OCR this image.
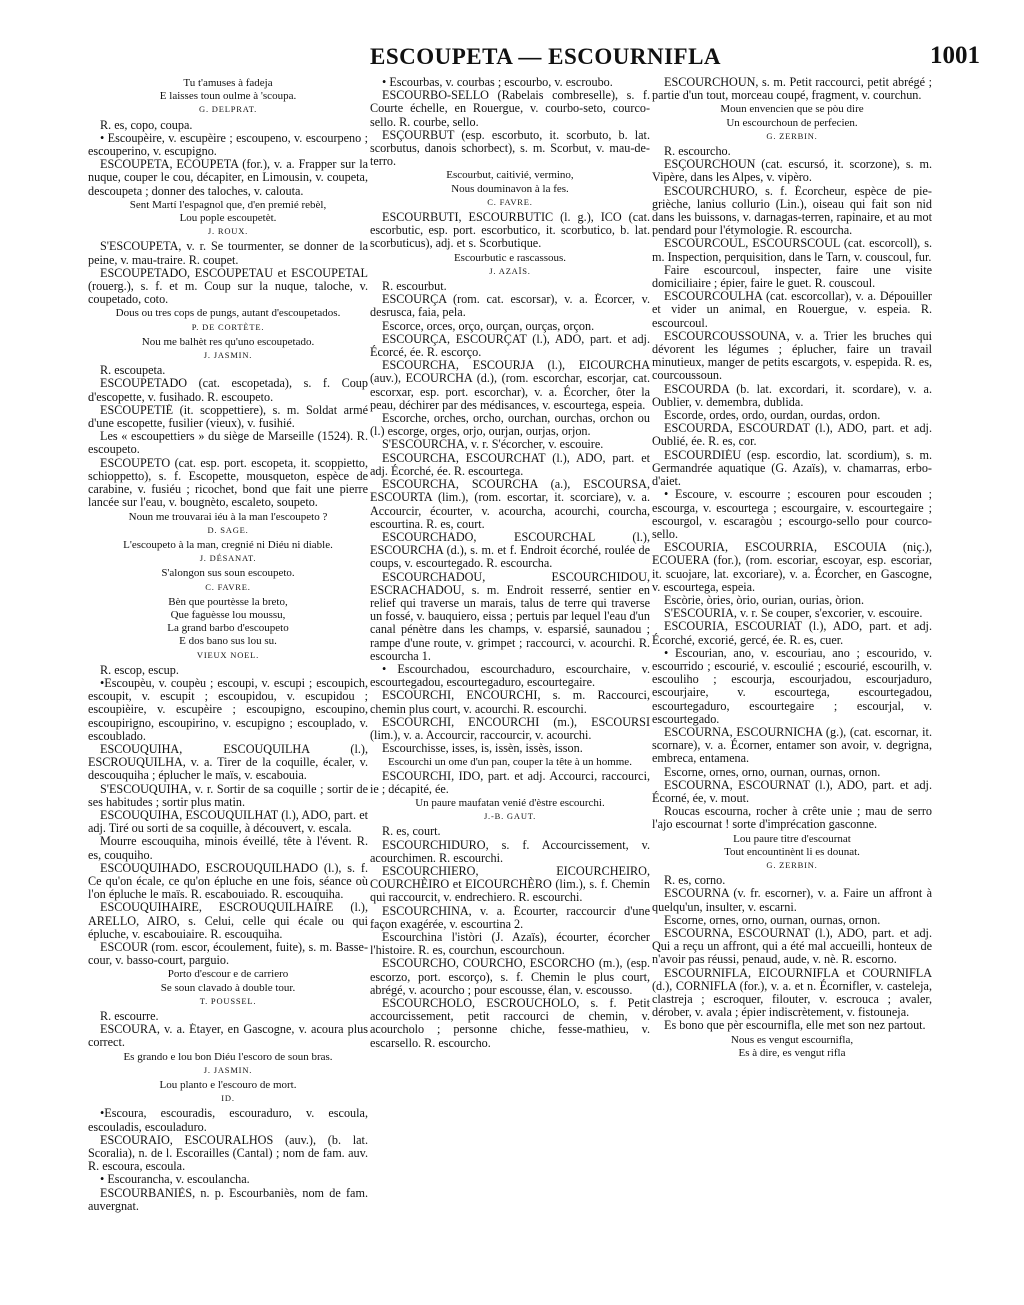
ESCOUPETA — ESCOURNIFLA	1001
Tu t'amuses à fadeja
E laisses toun oulme à 'scoupa.
G. DELPRAT.

R. es, copo, coupa.

• Escoupèire, v. escupèire ; escoupeno, v. escourpeno ; escouperino, v. escupigno.

ESCOUPETA, ECOUPETA (for.), v. a. Frapper sur la nuque, couper le cou, décapiter, en Limousin, v. coupeta, descoupeta ; donner des taloches, v. calouta.

Sent Martí l'espagnol que, d'en premié rebèl,
Lou pople escoupetèt.
J. ROUX.

S'ESCOUPETA, v. r. Se tourmenter, se donner de la peine, v. mau-traire. R. coupet.

ESCOUPETADO, ESCOUPETAU et ESCOUPETAL (rouerg.), s. f. et m. Coup sur la nuque, taloche, v. coupetado, coto.

Dous ou tres cops de pungs, autant d'escoupetados.
P. DE CORTÈTE.
Nou me balhèt res qu'uno escoupetado.
J. JASMIN.

R. escoupeta.

ESCOUPETADO (cat. escopetada), s. f. Coup d'escopette, v. fusihado. R. escoupeto.

ESCOUPETIÉ (it. scoppettiere), s. m. Soldat armé d'une escopette, fusilier (vieux), v. fusihié.

Les « escoupettiers » du siège de Marseille (1524). R. escoupeto.

ESCOUPETO (cat. esp. port. escopeta, it. scoppietto, schioppetto), s. f. Escopette, mousqueton, espèce de carabine, v. fusiéu ; ricochet, bond que fait une pierre lancée sur l'eau, v. bougnèto, escaleto, soupeto.

Noun me trouvarai iéu à la man l'escoupeto ?
D. SAGE.
L'escoupeto à la man, cregnié ni Diéu ni diable.
J. DÉSANAT.
S'alongon sus soun escoupeto.
C. FAVRE.
Bèn que pourtèsse la breto,
Que faguèsse lou moussu,
La grand barbo d'escoupeto
E dos bano sus lou su.
VIEUX NOEL.

R. escop, escup.

•Escoupèu, v. coupèu ; escoupi, v. escupi ; escoupich, escoupit, v. escupit ; escoupidou, v. escupidou ; escoupièire, v. escupèire ; escoupigno, escoupino, escoupirigno, escoupirino, v. escupigno ; escouplado, v. escoubladо.

ESCOUQUIHA, ESCOUQUILHA (l.), ESCROUQUILHA, v. a. Tirer de la coquille, écaler, v. descouquiha ; éplucher le maïs, v. escabouia.

S'ESCOUQUIHA, v. r. Sortir de sa coquille ; sortir de ses habitudes ; sortir plus matin.

ESCOUQUIHA, ESCOUQUILHAT (l.), ADO, part. et adj. Tiré ou sorti de sa coquille, à découvert, v. escala.

Mourre escouquiha, minois éveillé, tête à l'évent. R. es, couquiho.

ESCOUQUIHADO, ESCROUQUILHADO (l.), s. f. Ce qu'on écale, ce qu'on épluche en une fois, séance où l'on épluche le maïs. R. escabouiado. R. escouquiha.

ESCOUQUIHAIRE, ESCROUQUILHAIRE (l.), ARELLO, AIRO, s. Celui, celle qui écale ou qui épluche, v. escabouiaire. R. escouquiha.

ESCOUR (rom. escor, écoulement, fuite), s. m. Basse-cour, v. basso-court, parguio.

Porto d'escour e de carriero
Se soun clavado à double tour.
T. POUSSEL.

R. escourre.

ESCOURA, v. a. Étayer, en Gascogne, v. acoura plus correct.

Es grando e lou bon Diéu l'escoro de soun bras.
J. JASMIN.
Lou planto e l'escouro de mort.
ID.

•Escoura, escouradis, escouraduro, v. escoula, escouladis, escouladuro.

ESCOURAIO, ESCOURALHOS (auv.), (b. lat. Scoralia), n. de l. Escorailles (Cantal) ; nom de fam. auv. R. escoura, escoula.

• Escourancha, v. escoulancha.

ESCOURBANIÈS, n. p. Escourbaniès, nom de fam. auvergnat.

• Escourbas, v. courbas ; escourbo, v. escroubo.

ESCOURBO-SELLO (Rabelais combreselle), s. f. Courte échelle, en Rouergue, v. courbo-seto, courco-sello. R. courbe, sello.

ESÇOURBUT (esp. escorbuto, it. scorbuto, b. lat. scorbutus, danois schorbect), s. m. Scorbut, v. mau-de-terro.

Escourbut, caitivié, vermino,
Nous douminavon à la fes.
C. FAVRE.

ESCOURBUTI, ESCOURBUTIC (l. g.), ICO (cat. escorbutic, esp. port. escorbutico, it. scorbutico, b. lat. scorbuticus), adj. et s. Scorbutique.

Escourbutic e rascassous.
J. AZAÏS.

R. escourbut.

ESCOURÇA (rom. cat. escorsar), v. a. Écorcer, v. desrusca, faia, pela.

Escorce, orces, orço, ourçan, ourças, orçon.

ESCOURÇA, ESCOURÇAT (l.), ADO, part. et adj. Écorcé, ée. R. escorço.

ESCOURCHA, ESCOURJA (l.), EICOURCHA (auv.), ECOURCHA (d.), (rom. escorchar, escorjar, cat. escorxar, esp. port. escorchar), v. a. Écorcher, ôter la peau, déchirer par des médisances, v. escourtega, espeia.

Escorche, orches, orcho, ourchan, ourchas, orchon ou (l.) escorge, orges, orjo, ourjan, ourjas, orjon.

S'ESCOURCHA, v. r. S'écorcher, v. escouire.

ESCOURCHA, ESCOURCHAT (l.), ADO, part. et adj. Écorché, ée. R. escourtega.

ESCOURCHA, SCOURCHA (a.), ESCOURSA, ESCOURTA (lim.), (rom. escortar, it. scorciare), v. a. Accourcir, écourter, v. acourchа, acourchi, courcha, escourtina. R. es, court.

ESCOURCHADO, ESCOURCHAL (l.), ESCOURCHA (d.), s. m. et f. Endroit écorché, roulée de coups, v. escourtegado. R. escourcha.

ESCOURCHADOU, ESCOURCHIDOU, ESCRACHADOU, s. m. Endroit resserré, sentier en relief qui traverse un marais, talus de terre qui traverse un fossé, v. bauquiero, eissa ; pertuis par lequel l'eau d'un canal pénètre dans les champs, v. esparsié, saunadou ; rampe d'une route, v. grimpet ; raccourci, v. acourchi. R. escourcha 1.

• Escourchadou, escourchaduro, escourchaire, v. escourtegadou, escourtegaduro, escourtegaire.

ESCOURCHI, ENCOURCHI, s. m. Raccourci, chemin plus court, v. acourchi. R. escourchi.

ESCOURCHI, ENCOURCHI (m.), ESCOURSI (lim.), v. a. Accourcir, raccourcir, v. acourchi.

Escourchisse, isses, is, issèn, issès, isson.

Escourchi un ome d'un pan, couper la tête à un homme.

ESCOURCHI, IDO, part. et adj. Accourci, raccourci, ie ; décapité, ée.

Un paure maufatan venié d'èstre escourchi.
J.-B. GAUT.

R. es, court.

ESCOURCHIDURO, s. f. Accourcissement, v. acourchimen. R. escourchi.

ESCOURCHIERO, EICOURCHEIRO, COURCHÈIRO et EICOURCHÈRO (lim.), s. f. Chemin qui raccourcit, v. endrechiero. R. escourchi.

ESCOURCHINA, v. a. Écourter, raccourcir d'une façon exagérée, v. escourtina 2.

Escourchina l'istòri (J. Azaïs), écourter, écorcher l'histoire. R. es, courchun, escourchoun.

ESCOURCHO, COURCHO, ESCORCHO (m.), (esp. escorzo, port. escorço), s. f. Chemin le plus court, abrégé, v. acourcho ; pour escousse, élan, v. escousso.

ESCOURCHOLO, ESCROUCHOLO, s. f. Petit accourcissement, petit raccourci de chemin, v. acourcholo ; personne chiche, fesse-mathieu, v. escarsello. R. escourcho.

ESCOURCHOUN, s. m. Petit raccourci, petit abrégé ; partie d'un tout, morceau coupé, fragment, v. courchun.

Moun envencien que se pòu dire
Un escourchoun de perfecien.
G. ZERBIN.

R. escourcho.

ESÇOURCHOUN (cat. escursó, it. scorzone), s. m. Vipère, dans les Alpes, v. vipèro.

ESCOURCHURO, s. f. Écorcheur, espèce de pie-grièche, lanius collurio (Lin.), oiseau qui fait son nid dans les buissons, v. darnagas-terren, rapinaire, et au mot pendard pour l'étymologie. R. escourcha.

ESCOURCOUL, ESCOURSCOUL (cat. escorcoll), s. m. Inspection, perquisition, dans le Tarn, v. couscoul, fur.

Faire escourcoul, inspecter, faire une visite domiciliaire ; épier, faire le guet. R. couscoul.

ESCOURCOULHA (cat. escorcollar), v. a. Dépouiller et vider un animal, en Rouergue, v. espeia. R. escourcoul.

ESCOURCOUSSOUNA, v. a. Trier les bruches qui dévorent les légumes ; éplucher, faire un travail minutieux, manger de petits escargots, v. espepida. R. es, courcoussoun.

ESCOURDA (b. lat. excordari, it. scordare), v. a. Oublier, v. demembra, dublida.

Escorde, ordes, ordo, ourdan, ourdas, ordon.

ESCOURDA, ESCOURDAT (l.), ADO, part. et adj. Oublié, ée. R. es, cor.

ESCOURDIÉU (esp. escordio, lat. scordium), s. m. Germandrée aquatique (G. Azaïs), v. chamarras, erbo-d'aiet.

• Escoure, v. escourre ; escouren pour escouden ; escourga, v. escourtega ; escourgaire, v. escourtegaire ; escourgol, v. escaragòu ; escourgo-sello pour courco-sello.

ESCOURIA, ESCOURRIA, ESCOUIA (niç.), ECOUERA (for.), (rom. escoriar, escoyar, esp. escoriar, it. scuojare, lat. excoriare), v. a. Écorcher, en Gascogne, v. escourtega, espeia.

Escòrie, òries, òrio, ourian, ourias, òrion.

S'ESCOURIA, v. r. Se couper, s'excorier, v. escouire.

ESCOURIA, ESCOURIAT (l.), ADO, part. et adj. Écorché, excorié, gercé, ée. R. es, cuer.

• Escourian, ano, v. escouriau, ano ; escourido, v. escourrido ; escourié, v. escoulié ; escourié, escourilh, v. escouliho ; escourja, escourjadou, escourjaduro, escourjaire, v. escourtega, escourtegadou, escourtegaduro, escourtegaire ; escourjal, v. escourtegado.

ESCOURNA, ESCOURNICHA (g.), (cat. escornar, it. scornare), v. a. Écorner, entamer son avoir, v. degrigna, embreca, entamena.

Escorne, ornes, orno, ournan, ournas, ornon.

ESCOURNA, ESCOURNAT (l.), ADO, part. et adj. Écorné, ée, v. mout.

Roucas escourna, rocher à crête unie ; mau de serro l'ajo escournat ! sorte d'imprécation gasconne.

Lou paure titre d'escournat
Tout encountinènt li es dounat.
G. ZERBIN.

R. es, corno.

ESCOURNA (v. fr. escorner), v. a. Faire un affront à quelqu'un, insulter, v. escarni.

Escorne, ornes, orno, ournan, ournas, ornon.

ESCOURNA, ESCOURNAT (l.), ADO, part. et adj. Qui a reçu un affront, qui a été mal accueilli, honteux de n'avoir pas réussi, penaud, aude, v. nè. R. escorno.

ESCOURNIFLA, EICOURNIFLA et COURNIFLA (d.), CORNIFLA (for.), v. a. et n. Écornifler, v. casteleja, clastreja ; escroquer, filouter, v. escrouca ; avaler, dérober, v. avala ; épier indiscrètement, v. fistouneja.

Es bono que pèr escournifla, elle met son nez partout.

Nous es vengut escournifla,
Es à dire, es vengut rifla
